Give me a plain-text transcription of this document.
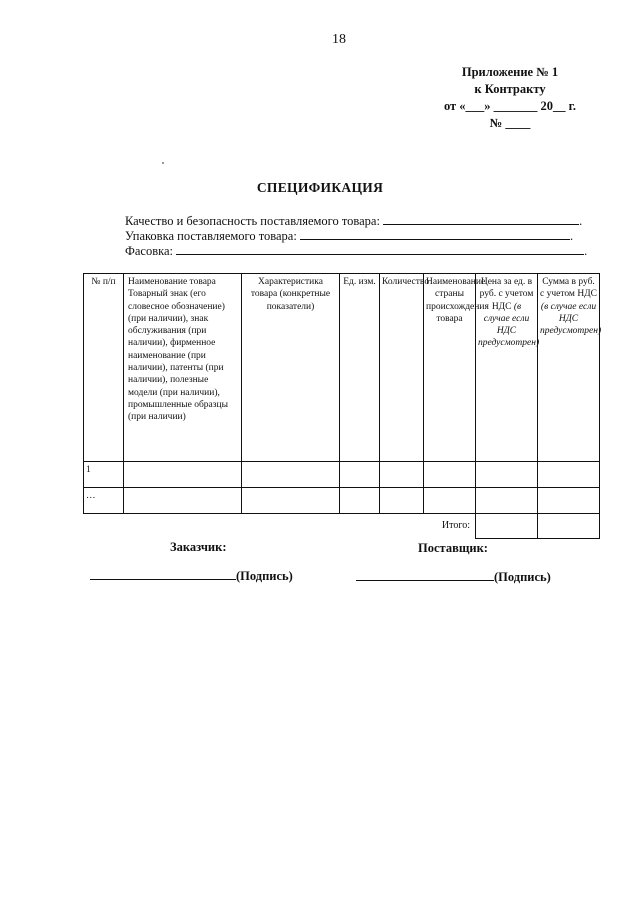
18
Приложение № 1
к Контракту
от «___» _______ 20__ г.
№ ____
СПЕЦИФИКАЦИЯ
Качество и безопасность поставляемого товара:	.
Упаковка поставляемого товара:	.
Фасовка:	.
№ п/п	Наименование товара Товарный знак (его словесное обозначение) (при наличии), знак обслуживания (при наличии), фирменное наименование (при наличии), патенты (при наличии), полезные модели (при наличии), промышленные образцы (при наличии)	Характеристика товара (конкретные показатели)	Ед. изм.	Количество	Наименование страны происхождения товара	Цена за ед. в руб. с учетом НДС (в случае если НДС предусмотрен)	Сумма в руб. с учетом НДС (в случае если НДС предусмотрен)
1							
…							
Итого:							
Заказчик:	Поставщик:
(Подпись)	(Подпись)
